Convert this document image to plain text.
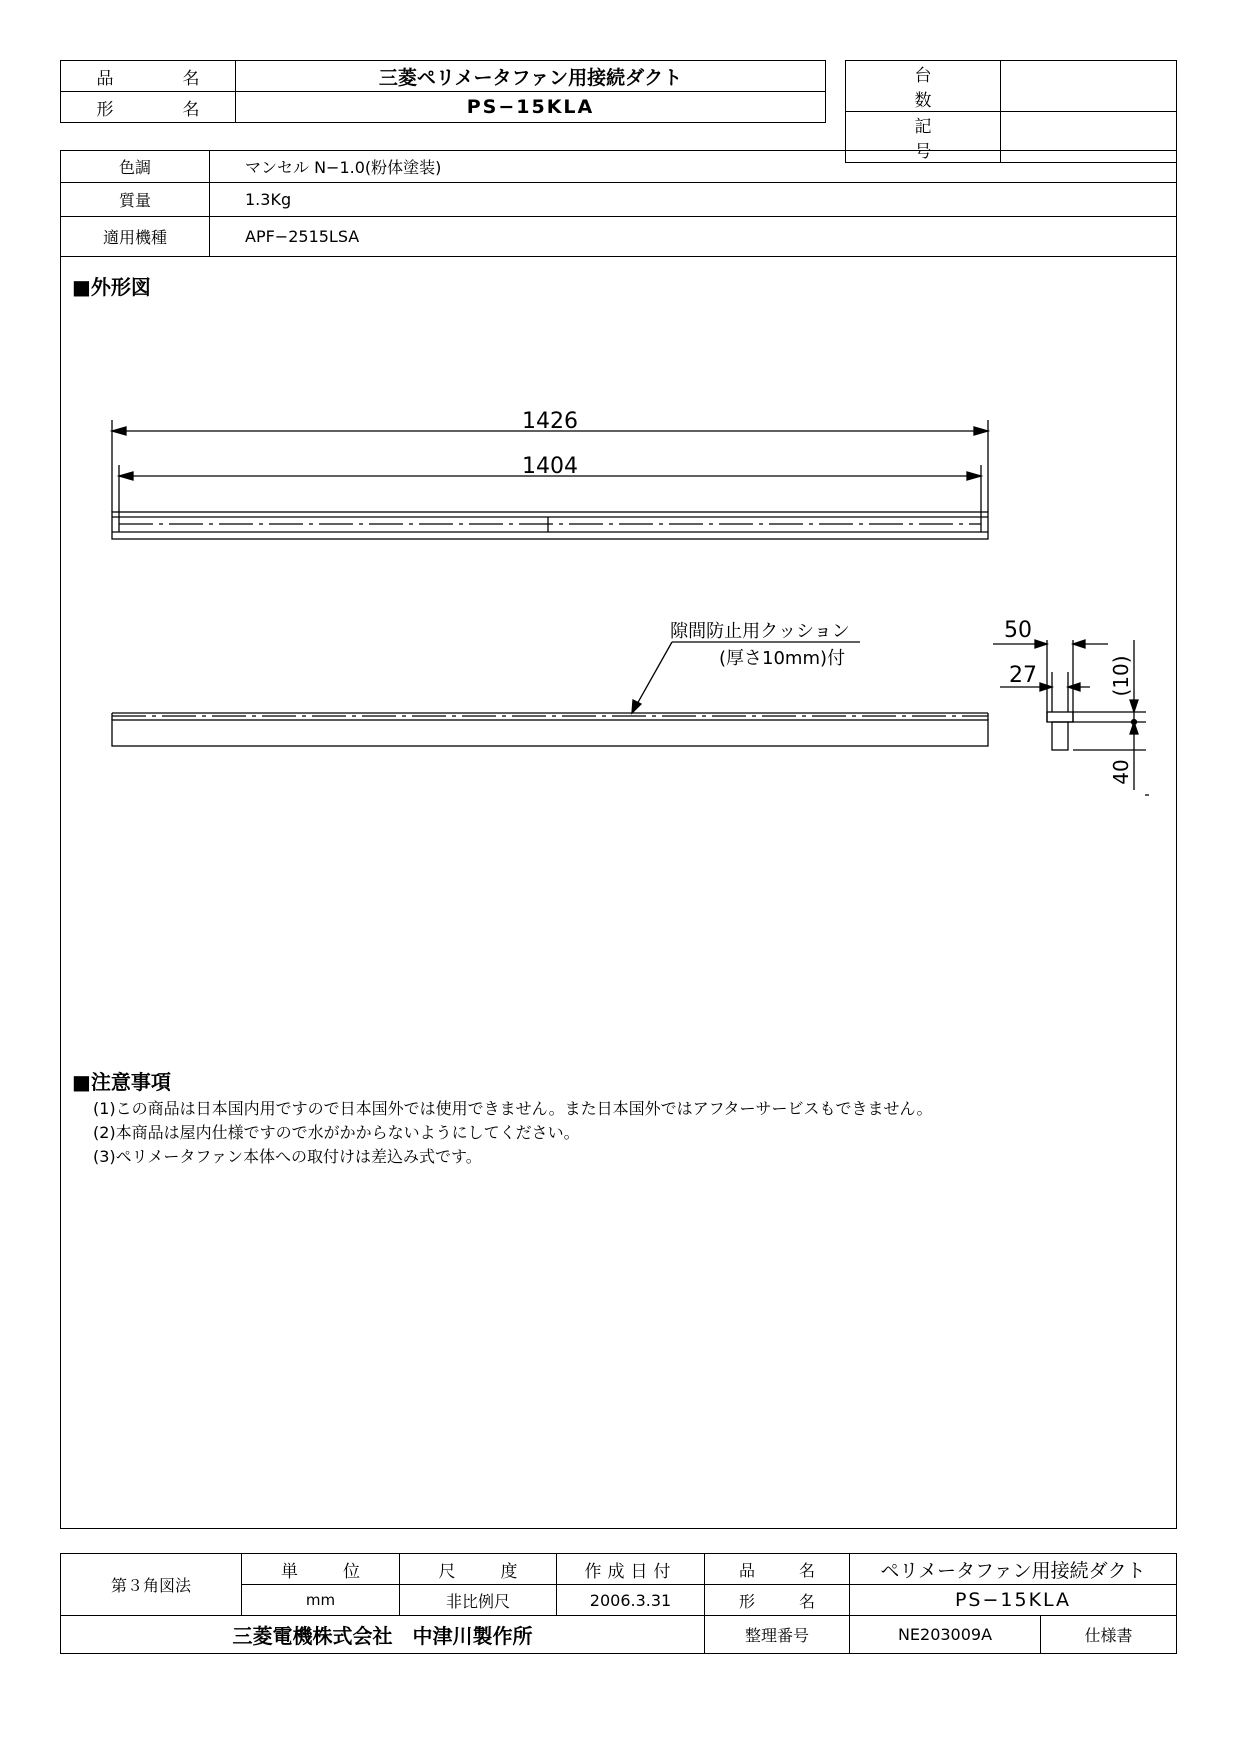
品　名	三菱ペリメータファン用接続ダクト
形　名	PS−15KLA
台　数	
記　号	
色調	マンセル N−1.0(粉体塗装)
質量	1.3Kg
適用機種	APF−2515LSA
■外形図
1426
1404
隙間防止用クッション
(厚さ10mm)付
50
27	(10)
40
■注意事項
(1)この商品は日本国内用ですので日本国外では使用できません。また日本国外ではアフターサービスもできません。
(2)本商品は屋内仕様ですので水がかからないようにしてください。
(3)ペリメータファン本体への取付けは差込み式です。
第３角図法	単　位	尺　度	作成日付	品　名	ペリメータファン用接続ダクト	
	mm	非比例尺	2006.3.31	形　名	PS−15KLA	
三菱電機株式会社　中津川製作所				整理番号	NE203009A	仕様書
